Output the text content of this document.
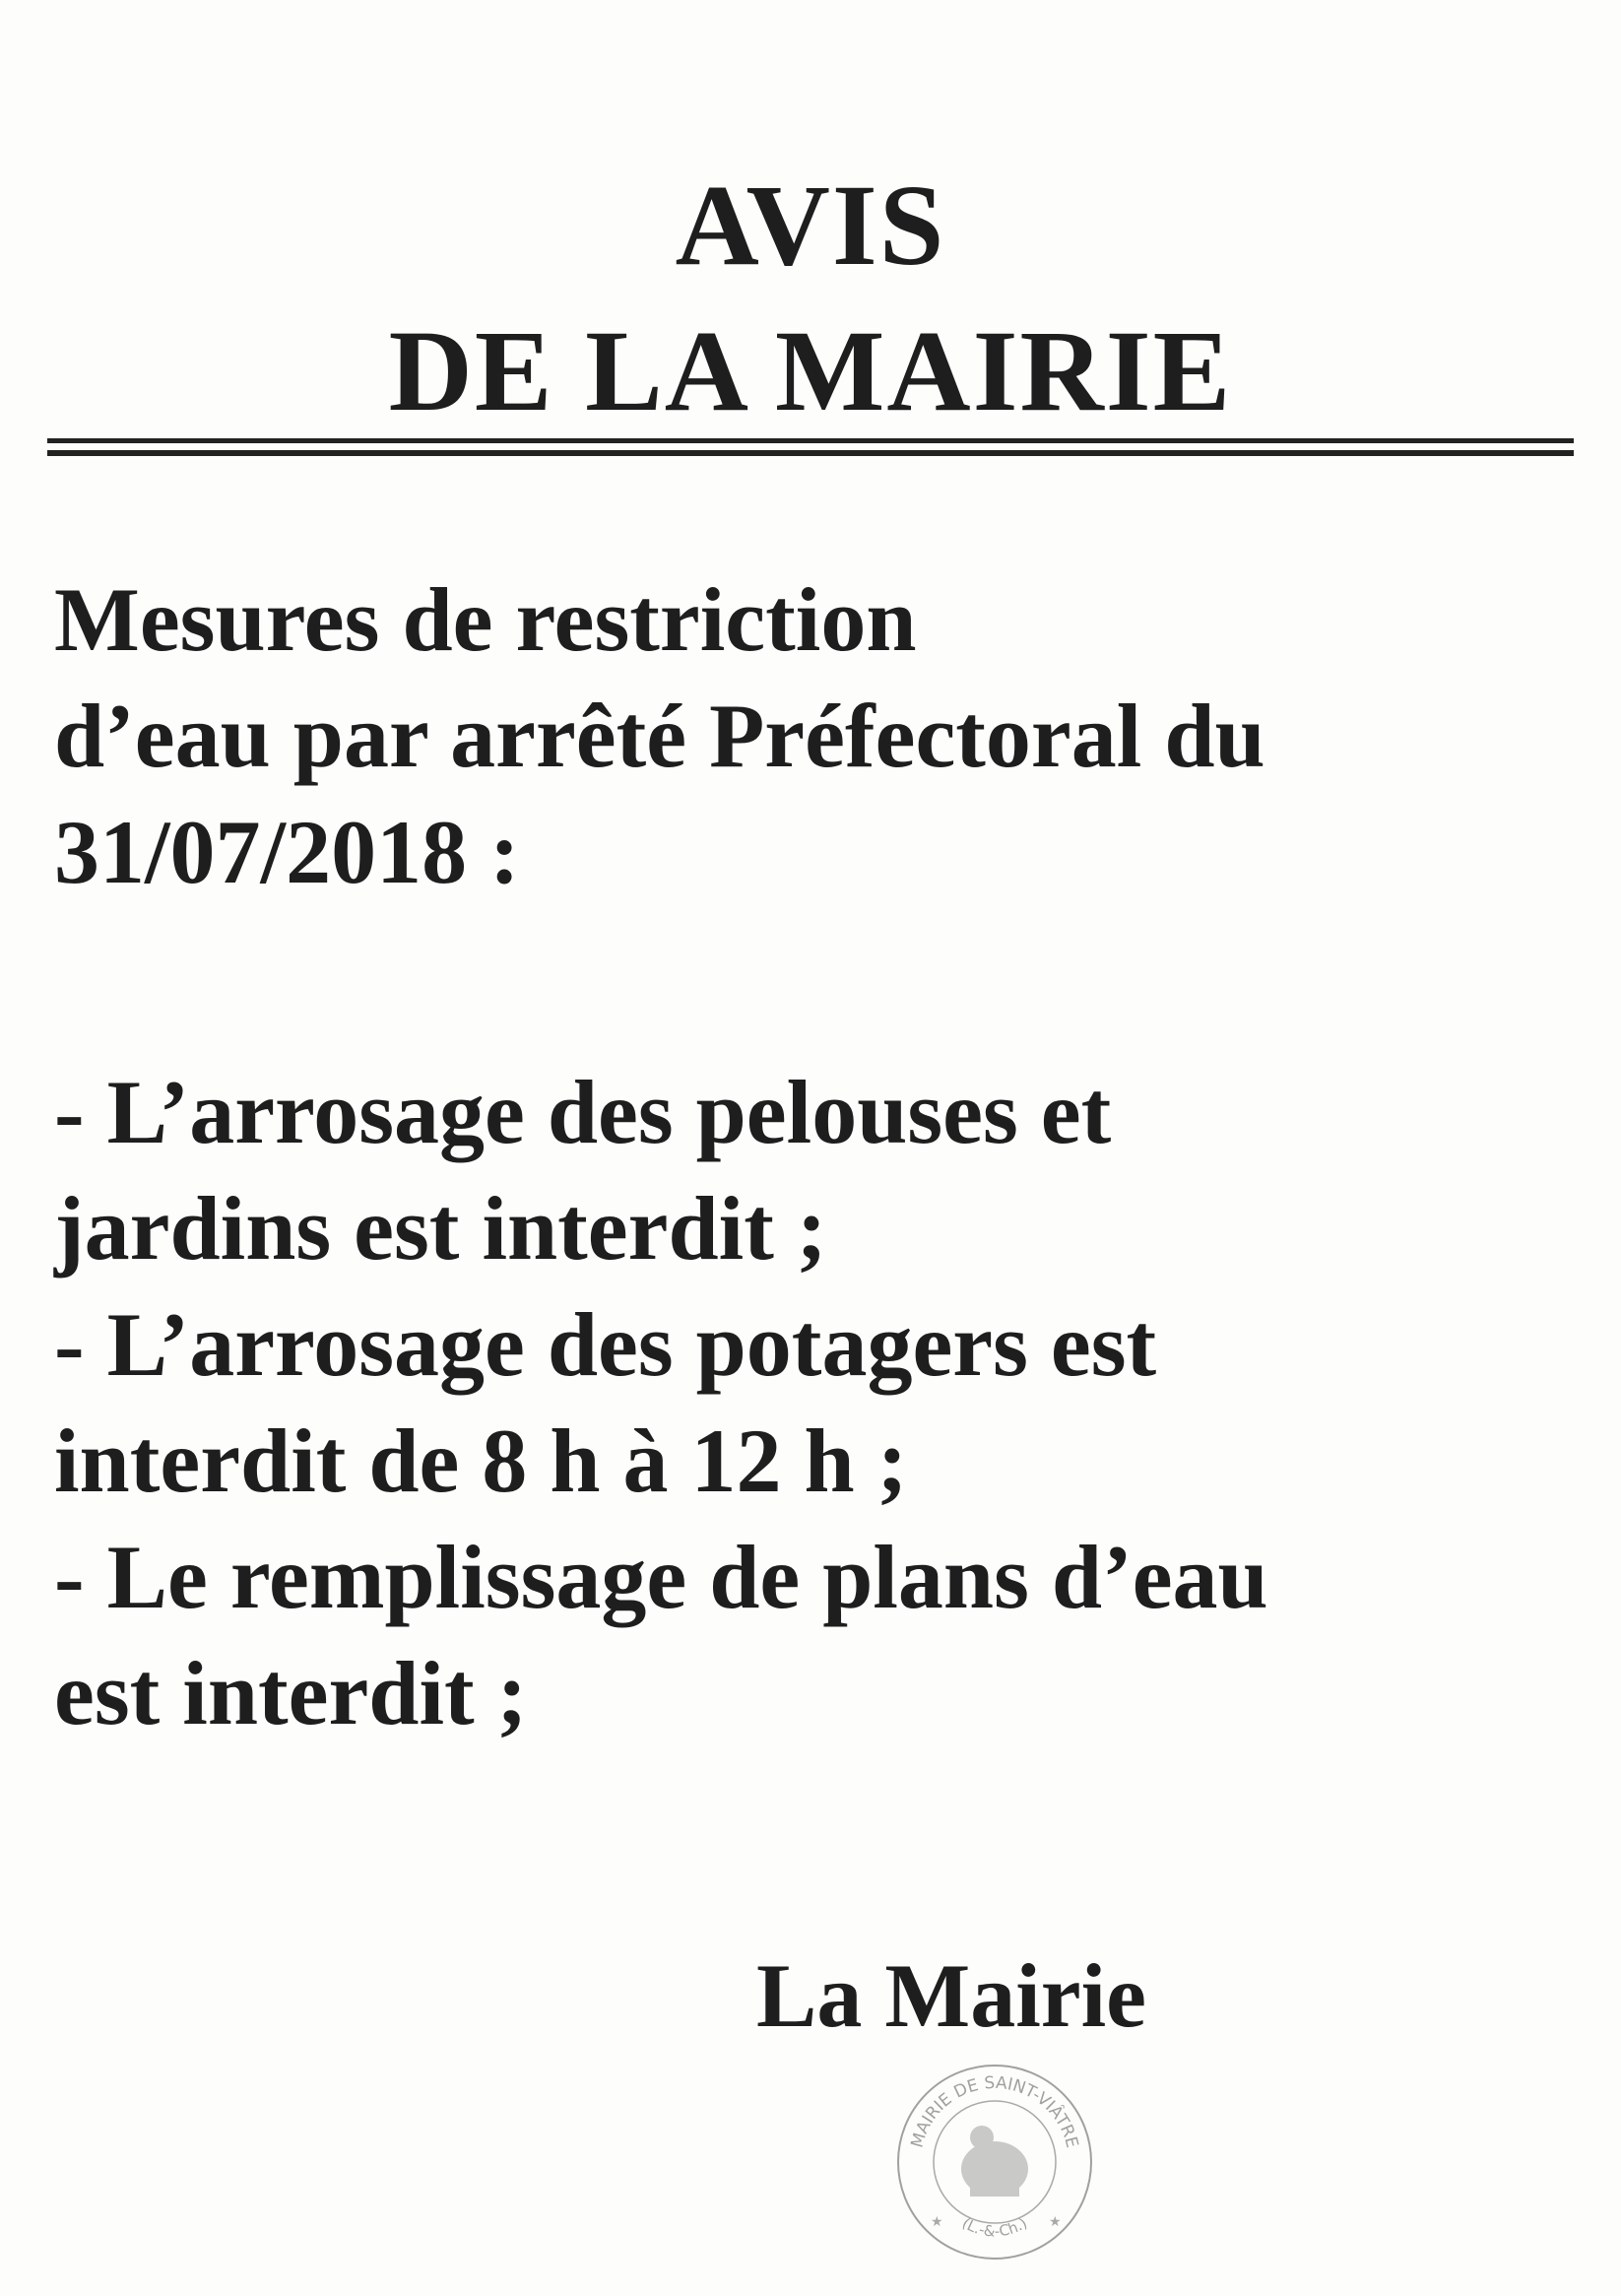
AVIS
DE LA MAIRIE
Mesures de restriction
d’eau par arrêté Préfectoral du
31/07/2018 :
- L’arrosage des pelouses et
jardins est interdit ;
- L’arrosage des potagers est
interdit de 8 h à 12 h ;
- Le remplissage de plans d’eau
est interdit ;
La Mairie
MAIRIE DE SAINT-VIÂTRE
(L.-&-Ch.)
★	★
